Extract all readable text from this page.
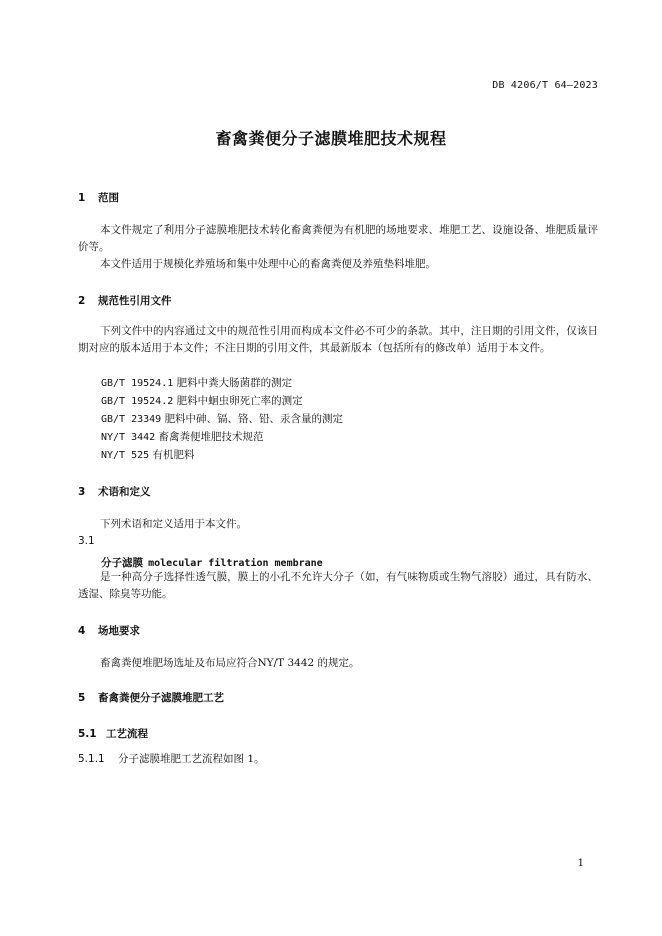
DB 4206/T 64—2023
畜禽粪便分子滤膜堆肥技术规程
1 范围
本文件规定了利用分子滤膜堆肥技术转化畜禽粪便为有机肥的场地要求、堆肥工艺、设施设备、堆肥质量评价等。
本文件适用于规模化养殖场和集中处理中心的畜禽粪便及养殖垫料堆肥。
2 规范性引用文件
下列文件中的内容通过文中的规范性引用而构成本文件必不可少的条款。其中，注日期的引用文件，仅该日期对应的版本适用于本文件；不注日期的引用文件，其最新版本（包括所有的修改单）适用于本文件。
GB/T 19524.1 肥料中粪大肠菌群的测定
GB/T 19524.2 肥料中蛔虫卵死亡率的测定
GB/T 23349 肥料中砷、镉、铬、铅、汞含量的测定
NY/T 3442 畜禽粪便堆肥技术规范
NY/T 525 有机肥料
3 术语和定义
下列术语和定义适用于本文件。
3.1
分子滤膜 molecular filtration membrane
是一种高分子选择性透气膜，膜上的小孔不允许大分子（如，有气味物质或生物气溶胶）通过，具有防水、透湿、除臭等功能。
4 场地要求
畜禽粪便堆肥场选址及布局应符合NY/T 3442 的规定。
5 畜禽粪便分子滤膜堆肥工艺
5.1 工艺流程
5.1.1 分子滤膜堆肥工艺流程如图 1。
1
